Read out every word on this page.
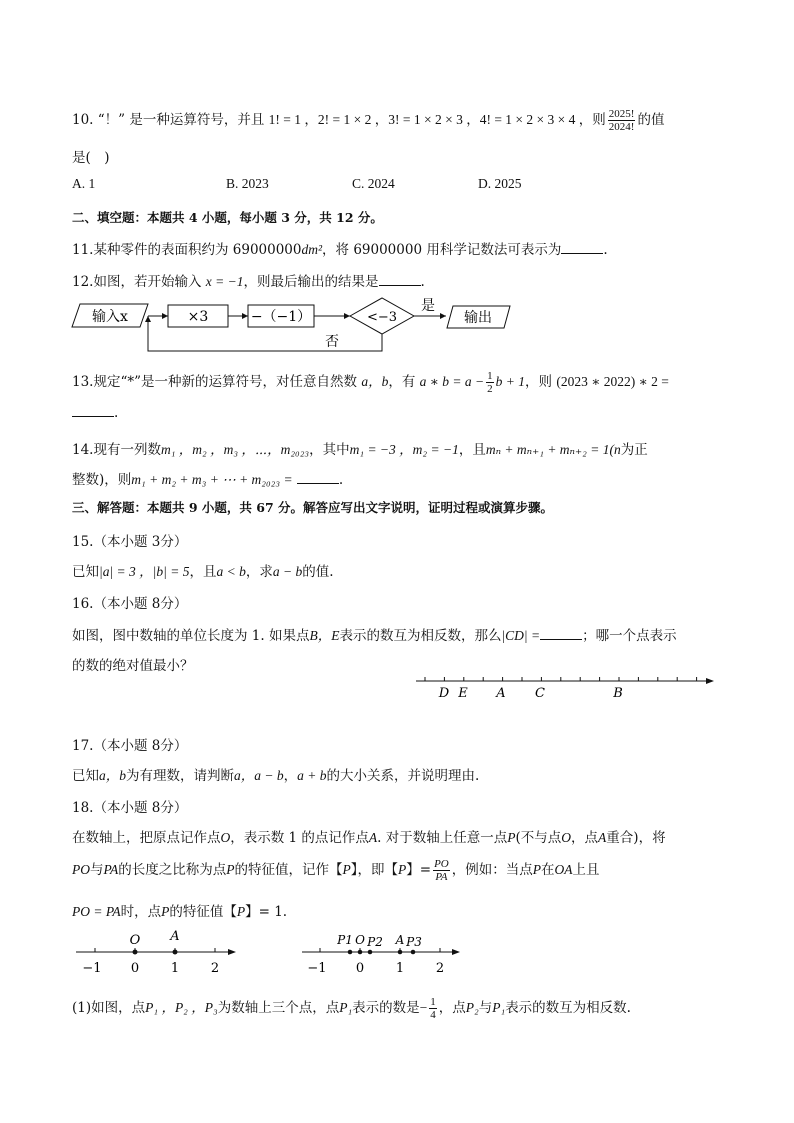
10. “！” 是一种运算符号，并且 1! = 1 ，2! = 1 × 2 ，3! = 1 × 2 × 3 ，4! = 1 × 2 × 3 × 4 ，则 $\frac{2025!}{2024!}$ 的值
是(　)
A. 1	B. 2023	C. 2024	D. 2025
二、填空题：本题共 4 小题，每小题 3 分，共 12 分。
11.某种零件的表面积约为 69000000dm²，将 69000000 用科学记数法可表示为	.
12.如图，若开始输入 x = −1，则最后输出的结果是	.
输入x	×3	−（−1）	<−3
是
输出
否
13.规定“*”是一种新的运算符号，对任意自然数 a，b，有 a ∗ $b = a - \frac{1}{2}$ b + 1，则 (2023 ∗ 2022) ∗ 2 =
.
14.现有一列数m₁ ，m₂ ，m₃ ，⋯，m₂₀₂₃，其中m₁ = −3 ，m₂ = −1，且mₙ + mₙ₊₁ + mₙ₊₂ = 1(n为正
整数)，则m₁ + m₂ + m₃ + ⋯ + m₂₀₂₃ =	.
三、解答题：本题共 9 小题，共 67 分。解答应写出文字说明，证明过程或演算步骤。
15.（本小题 3分）
已知|a| = 3 ，|b| = 5，且a < b，求a − b的值.
16.（本小题 8分）
如图，图中数轴的单位长度为 1. 如果点B，E表示的数互为相反数，那么|CD| =	；哪一个点表示
的数的绝对值最小？
D E A C	B
17.（本小题 8分）
已知a，b为有理数，请判断a，a − b，a + b的大小关系，并说明理由.
18.（本小题 8分）
在数轴上，把原点记作点O，表示数 1 的点记作点A. 对于数轴上任意一点P(不与点O，点A重合)，将
PO与PA的长度之比称为点P的特征值，记作【P】，即【P】= $\frac{PO}{PA}$ ，例如：当点P在OA上且
PO = PA时，点P的特征值【P】= 1.
O A
−1 0 1 2
P1 O P2 A P3
−1 0 1 2
(1)如图，点P₁ ，P₂ ，P₃为数轴上三个点，点P₁表示的数是− $\frac{1}{4}$ ，点P₂与P₁表示的数互为相反数.
